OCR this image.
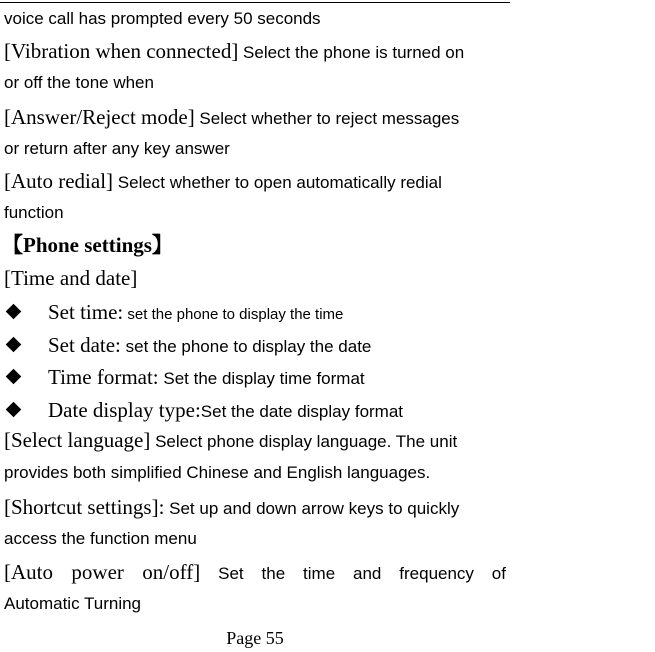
voice call has prompted every 50 seconds
[Vibration when connected] Select the phone is turned on
or off the tone when
[Answer/Reject mode] Select whether to reject messages
or return after any key answer
[Auto redial] Select whether to open automatically redial
function
【Phone settings】
[Time and date]
Set time: set the phone to display the time
Set date: set the phone to display the date
Time format: Set the display time format
Date display type:Set the date display format
[Select language] Select phone display language. The unit
provides both simplified Chinese and English languages.
[Shortcut settings]: Set up and down arrow keys to quickly
access the function menu
[Auto power on/off] Set the time and frequency of
Automatic Turning
Page 55
